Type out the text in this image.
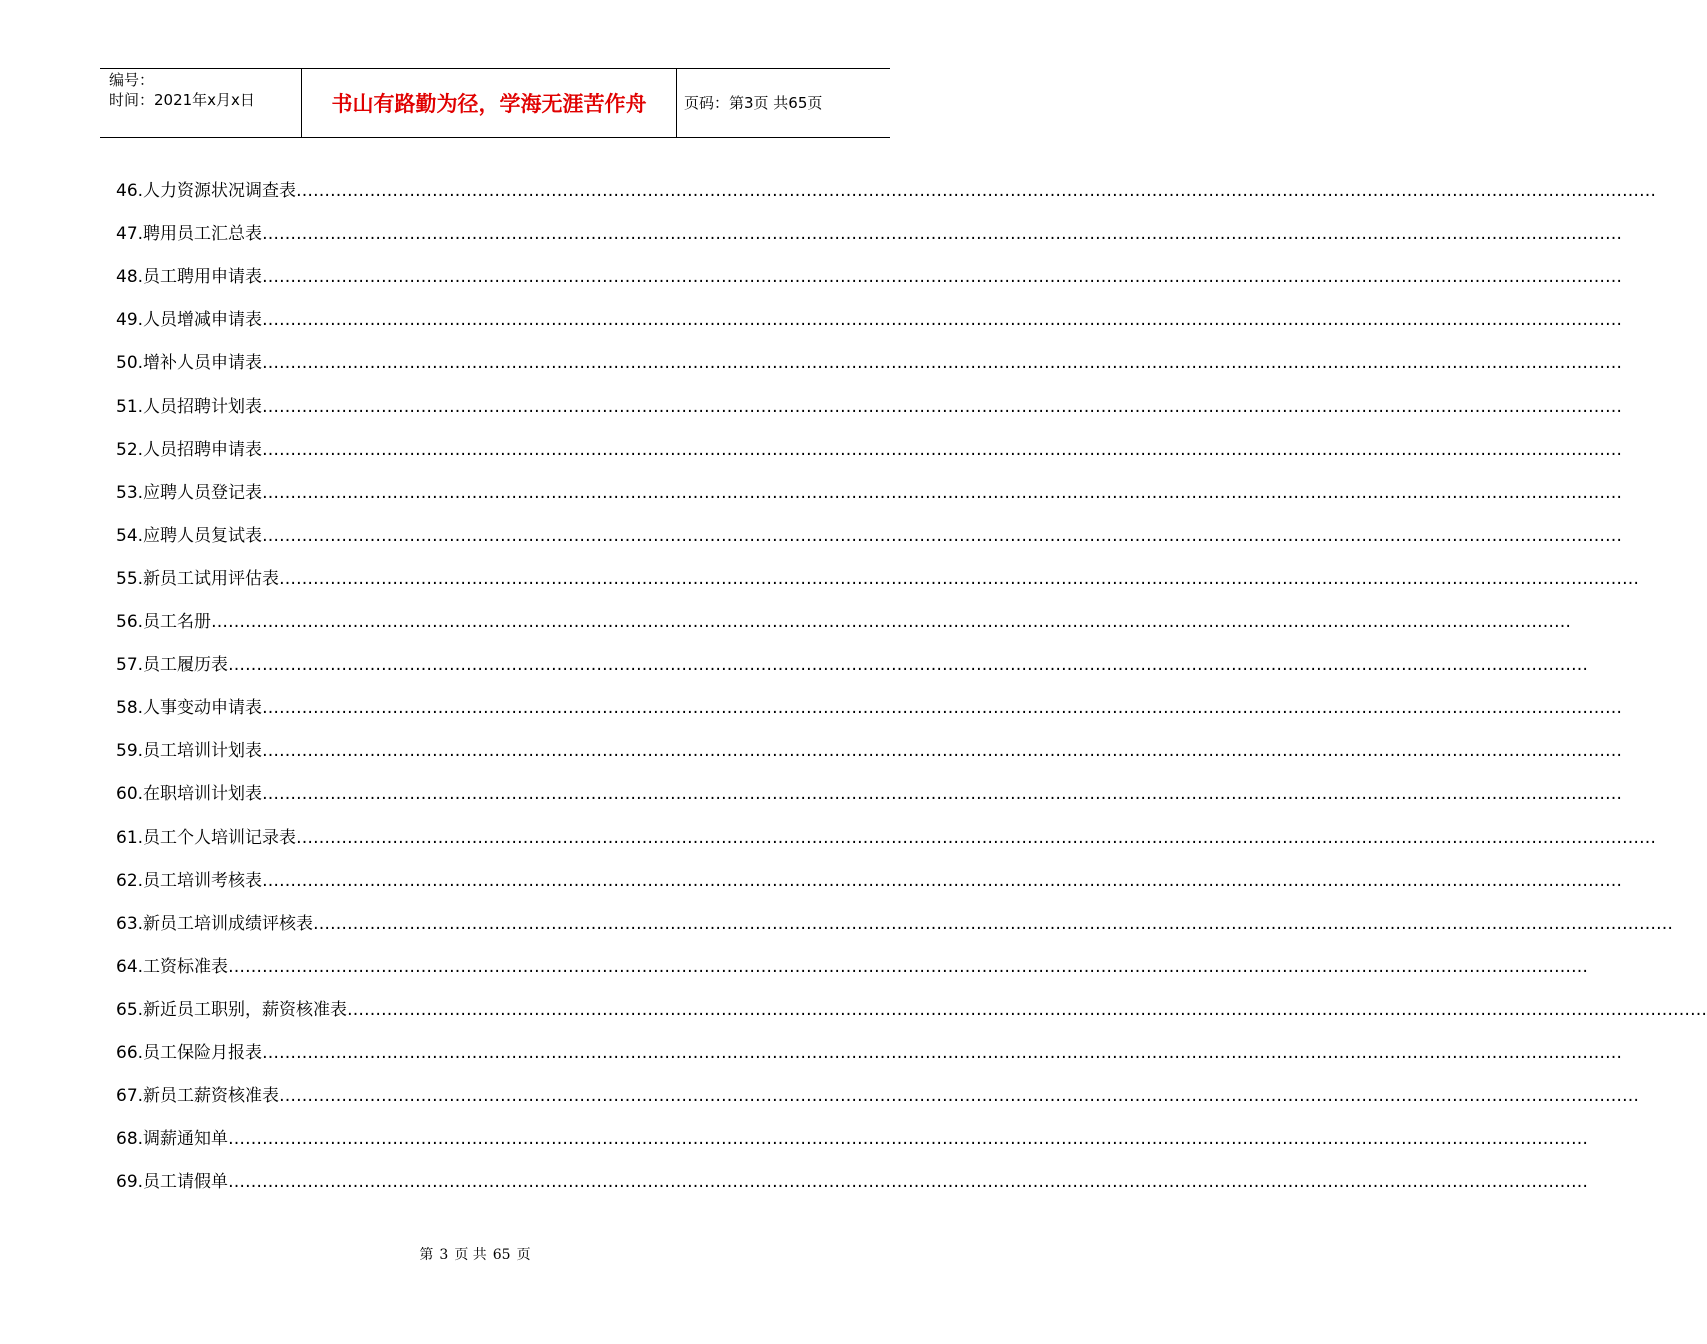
编号：
时间：2021年x月x日	书山有路勤为径，学海无涯苦作舟	页码：第3页 共65页
46.人力资源状况调查表……………………………………………………………………………………………………………………………………………………………………………………………………………………
47.聘用员工汇总表……………………………………………………………………………………………………………………………………………………………………………………………………………………
48.员工聘用申请表……………………………………………………………………………………………………………………………………………………………………………………………………………………
49.人员增减申请表……………………………………………………………………………………………………………………………………………………………………………………………………………………
50.增补人员申请表……………………………………………………………………………………………………………………………………………………………………………………………………………………
51.人员招聘计划表……………………………………………………………………………………………………………………………………………………………………………………………………………………
52.人员招聘申请表……………………………………………………………………………………………………………………………………………………………………………………………………………………
53.应聘人员登记表……………………………………………………………………………………………………………………………………………………………………………………………………………………
54.应聘人员复试表……………………………………………………………………………………………………………………………………………………………………………………………………………………
55.新员工试用评估表……………………………………………………………………………………………………………………………………………………………………………………………………………………
56.员工名册……………………………………………………………………………………………………………………………………………………………………………………………………………………
57.员工履历表……………………………………………………………………………………………………………………………………………………………………………………………………………………
58.人事变动申请表……………………………………………………………………………………………………………………………………………………………………………………………………………………
59.员工培训计划表……………………………………………………………………………………………………………………………………………………………………………………………………………………
60.在职培训计划表……………………………………………………………………………………………………………………………………………………………………………………………………………………
61.员工个人培训记录表……………………………………………………………………………………………………………………………………………………………………………………………………………………
62.员工培训考核表……………………………………………………………………………………………………………………………………………………………………………………………………………………
63.新员工培训成绩评核表……………………………………………………………………………………………………………………………………………………………………………………………………………………
64.工资标准表……………………………………………………………………………………………………………………………………………………………………………………………………………………
65.新近员工职别，薪资核准表……………………………………………………………………………………………………………………………………………………………………………………………………………………
66.员工保险月报表……………………………………………………………………………………………………………………………………………………………………………………………………………………
67.新员工薪资核准表……………………………………………………………………………………………………………………………………………………………………………………………………………………
68.调薪通知单……………………………………………………………………………………………………………………………………………………………………………………………………………………
69.员工请假单……………………………………………………………………………………………………………………………………………………………………………………………………………………
第 3 页 共 65 页
